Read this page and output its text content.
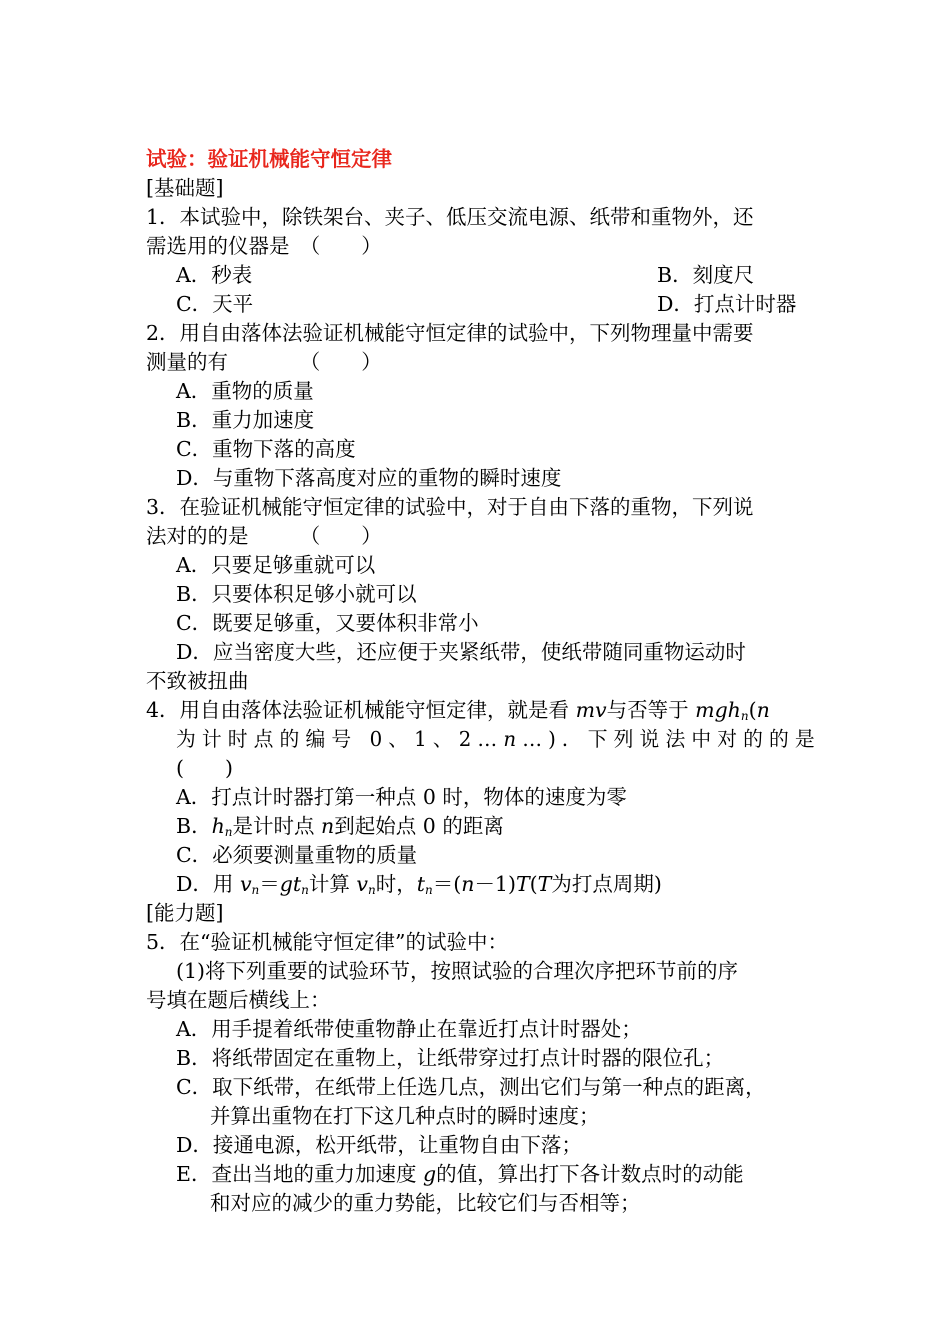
试验：验证机械能守恒定律
[基础题]
1．本试验中，除铁架台、夹子、低压交流电源、纸带和重物外，还
需选用的仪器是　（　　）
A．秒表	B．刻度尺
C．天平	D．打点计时器
2．用自由落体法验证机械能守恒定律的试验中，下列物理量中需要
测量的有　　　　（　　）
A．重物的质量
B．重力加速度
C．重物下落的高度
D．与重物下落高度对应的重物的瞬时速度
3．在验证机械能守恒定律的试验中，对于自由下落的重物，下列说
法对的的是　　　（　　）
A．只要足够重就可以
B．只要体积足够小就可以
C．既要足够重，又要体积非常小
D．应当密度大些，还应便于夹紧纸带，使纸带随同重物运动时
不致被扭曲
4．用自由落体法验证机械能守恒定律，就是看 mv与否等于 mgh$_n$(n
为计时点的编号 0、1、2…n…)．下列说法中对的的是
(　　)
A．打点计时器打第一种点 0 时，物体的速度为零
B．$h_n$是计时点 n到起始点 0 的距离
C．必须要测量重物的质量
D．用 $v_n=gt_n$计算 $v_n$时，$t_n=(n-1)T(T$为打点周期)
[能力题]
5．在“验证机械能守恒定律”的试验中：
(1)将下列重要的试验环节，按照试验的合理次序把环节前的序
号填在题后横线上：
A．用手提着纸带使重物静止在靠近打点计时器处；
B．将纸带固定在重物上，让纸带穿过打点计时器的限位孔；
C．取下纸带，在纸带上任选几点，测出它们与第一种点的距离，
并算出重物在打下这几种点时的瞬时速度；
D．接通电源，松开纸带，让重物自由下落；
E．查出当地的重力加速度 g的值，算出打下各计数点时的动能
和对应的减少的重力势能，比较它们与否相等；
